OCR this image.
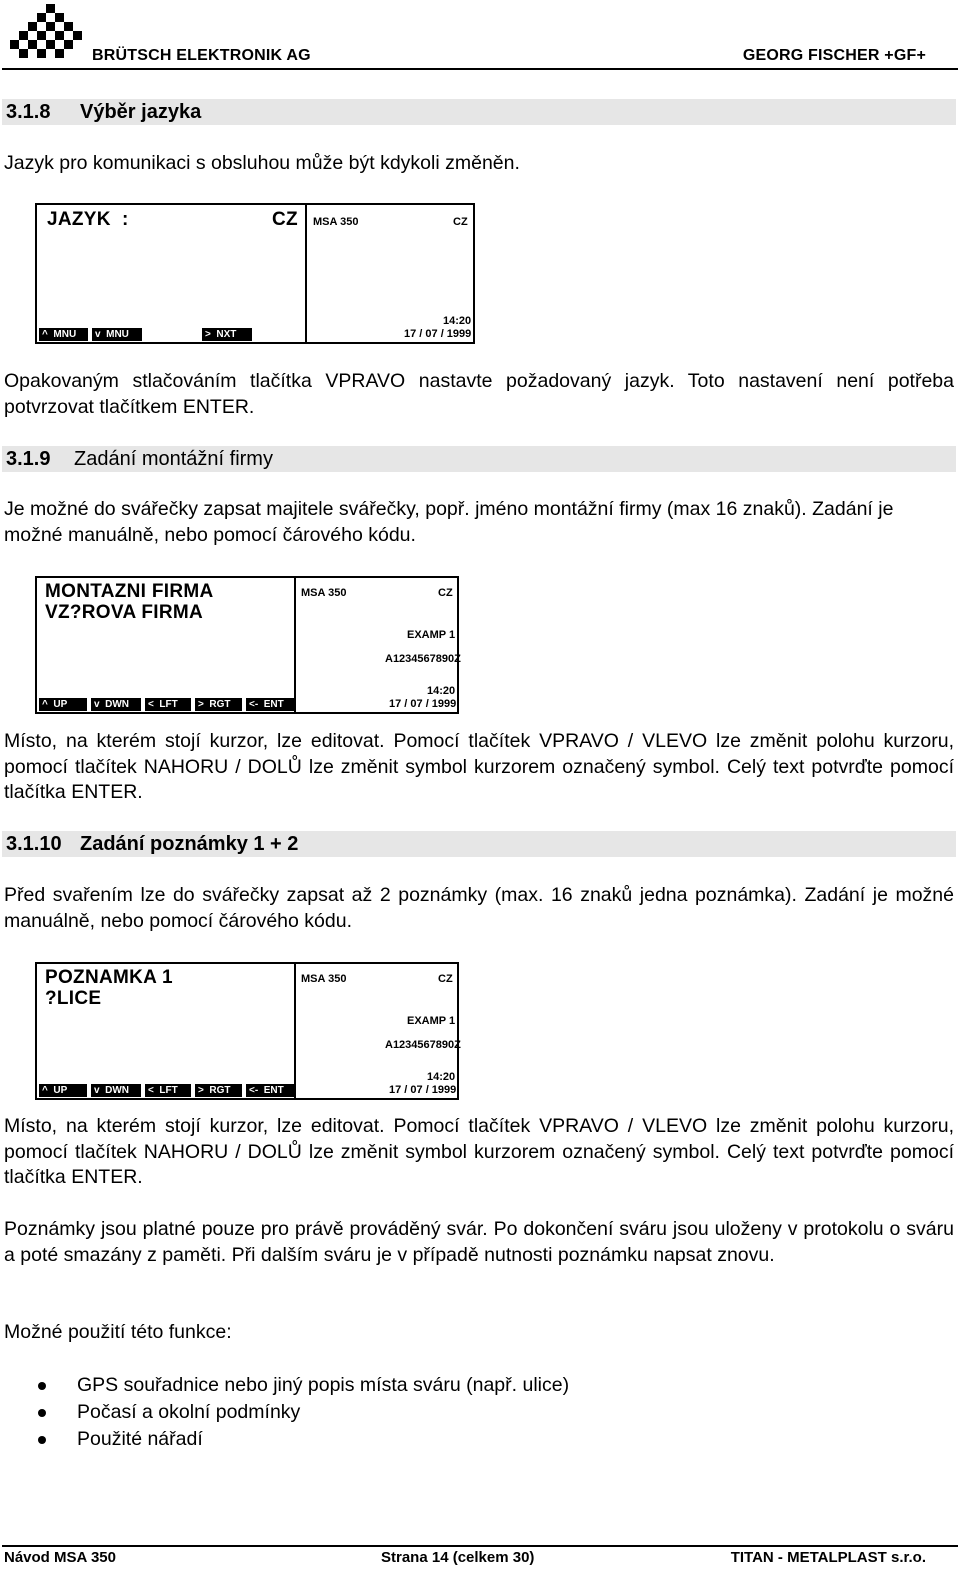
BRÜTSCH ELEKTRONIK AG	GEORG FISCHER +GF+
3.1.8	Výběr jazyka
Jazyk pro komunikaci s obsluhou může být kdykoli změněn.
JAZYK  :	CZ MSA 350	CZ
14:20
17 / 07 / 1999
^  MNU	v  MNU	>  NXT
Opakovaným stlačováním tlačítka VPRAVO nastavte požadovaný jazyk. Toto nastavení není potřeba potvrzovat tlačítkem ENTER.
3.1.9	Zadání montážní firmy
Je možné do svářečky zapsat majitele svářečky, popř. jméno montážní firmy (max 16 znaků). Zadání je možné manuálně, nebo pomocí čárového kódu.
MONTAZNI FIRMA
VZ?ROVA FIRMA
MSA 350	CZ
EXAMP 1
A1234567890Z
14:20
17 / 07 / 1999
^  UP	v  DWN	<  LFT	>  RGT	<-  ENT
Místo, na kterém stojí kurzor, lze editovat. Pomocí tlačítek VPRAVO / VLEVO lze změnit polohu kurzoru, pomocí tlačítek NAHORU / DOLŮ lze změnit symbol kurzorem označený symbol. Celý text potvrďte pomocí tlačítka ENTER.
3.1.10 Zadání poznámky 1 + 2
Před svařením lze do svářečky zapsat až 2 poznámky (max. 16 znaků jedna poznámka). Zadání je možné manuálně, nebo pomocí čárového kódu.
POZNAMKA 1
?LICE
MSA 350	CZ
EXAMP 1
A1234567890Z
14:20
17 / 07 / 1999
^  UP	v  DWN	<  LFT	>  RGT	<-  ENT
Místo, na kterém stojí kurzor, lze editovat. Pomocí tlačítek VPRAVO / VLEVO lze změnit polohu kurzoru, pomocí tlačítek NAHORU / DOLŮ lze změnit symbol kurzorem označený symbol. Celý text potvrďte pomocí tlačítka ENTER.
Poznámky jsou platné pouze pro právě prováděný svár. Po dokončení sváru jsou uloženy v protokolu o sváru a poté smazány z paměti. Při dalším sváru je v případě nutnosti poznámku napsat znovu.
Možné použití této funkce:
GPS souřadnice nebo jiný popis místa sváru (např. ulice)
Počasí a okolní podmínky
Použité nářadí
Návod MSA 350	Strana 14 (celkem 30)	TITAN - METALPLAST s.r.o.
